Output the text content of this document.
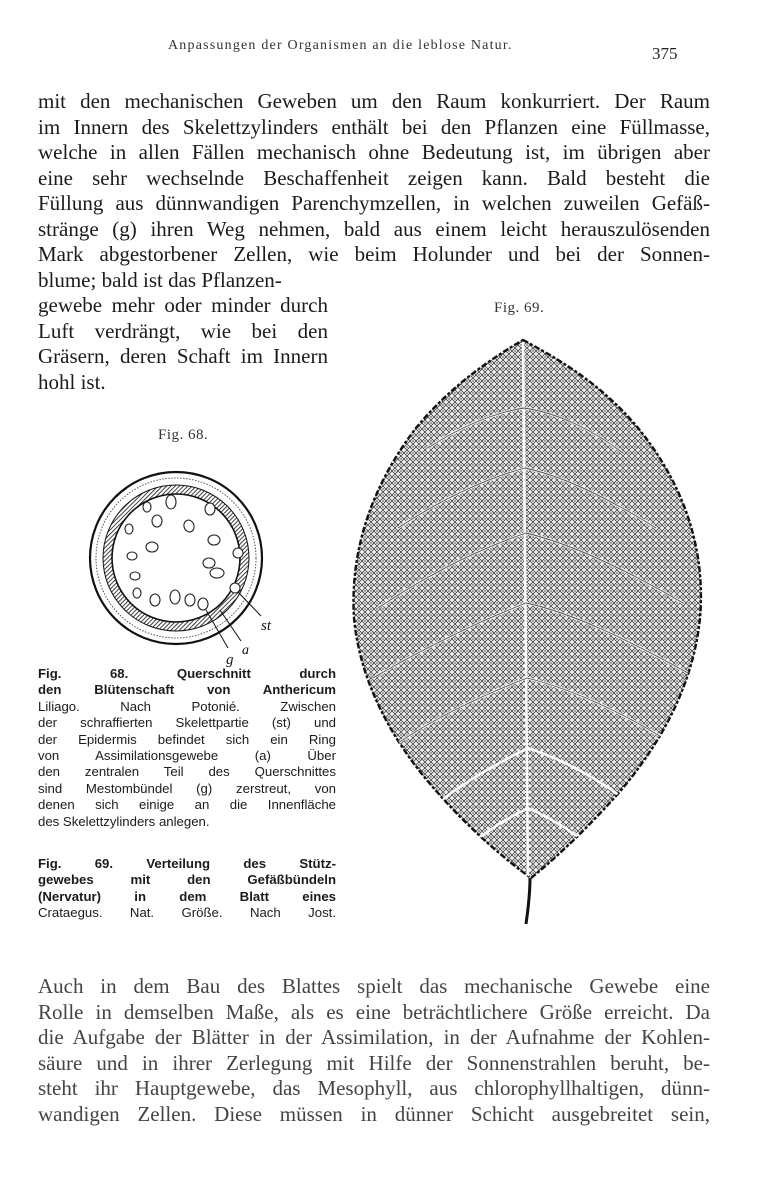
Anpassungen der Organismen an die leblose Natur.	375
mit den mechanischen Geweben um den Raum konkurriert. Der Raum
im Innern des Skelettzylinders enthält bei den Pflanzen eine Füllmasse,
welche in allen Fällen mechanisch ohne Bedeutung ist, im übrigen aber
eine sehr wechselnde Beschaffenheit zeigen kann. Bald besteht die
Füllung aus dünnwandigen Parenchymzellen, in welchen zuweilen Gefäß-
stränge (g) ihren Weg nehmen, bald aus einem leicht herauszulösenden
Mark abgestorbener Zellen, wie beim Holunder und bei der Sonnen-
blume; bald ist das Pflanzen-
gewebe mehr oder minder durch
Luft verdrängt, wie bei den
Gräsern, deren Schaft im Innern
hohl ist.
Fig. 68.
Fig. 69.
st
a
g
Fig. 68. Querschnitt durch
den Blütenschaft von Anthericum
Liliago. Nach Potonié. Zwischen
der schraffierten Skelettpartie (st) und
der Epidermis befindet sich ein Ring
von Assimilationsgewebe (a) Über
den zentralen Teil des Querschnittes
sind Mestombündel (g) zerstreut, von
denen sich einige an die Innenfläche
des Skelettzylinders anlegen.
Fig. 69. Verteilung des Stütz-
gewebes mit den Gefäßbündeln
(Nervatur) in dem Blatt eines
Crataegus. Nat. Größe. Nach Jost.
Auch in dem Bau des Blattes spielt das mechanische Gewebe eine
Rolle in demselben Maße, als es eine beträchtlichere Größe erreicht. Da
die Aufgabe der Blätter in der Assimilation, in der Aufnahme der Kohlen-
säure und in ihrer Zerlegung mit Hilfe der Sonnenstrahlen beruht, be-
steht ihr Hauptgewebe, das Mesophyll, aus chlorophyllhaltigen, dünn-
wandigen Zellen. Diese müssen in dünner Schicht ausgebreitet sein,
